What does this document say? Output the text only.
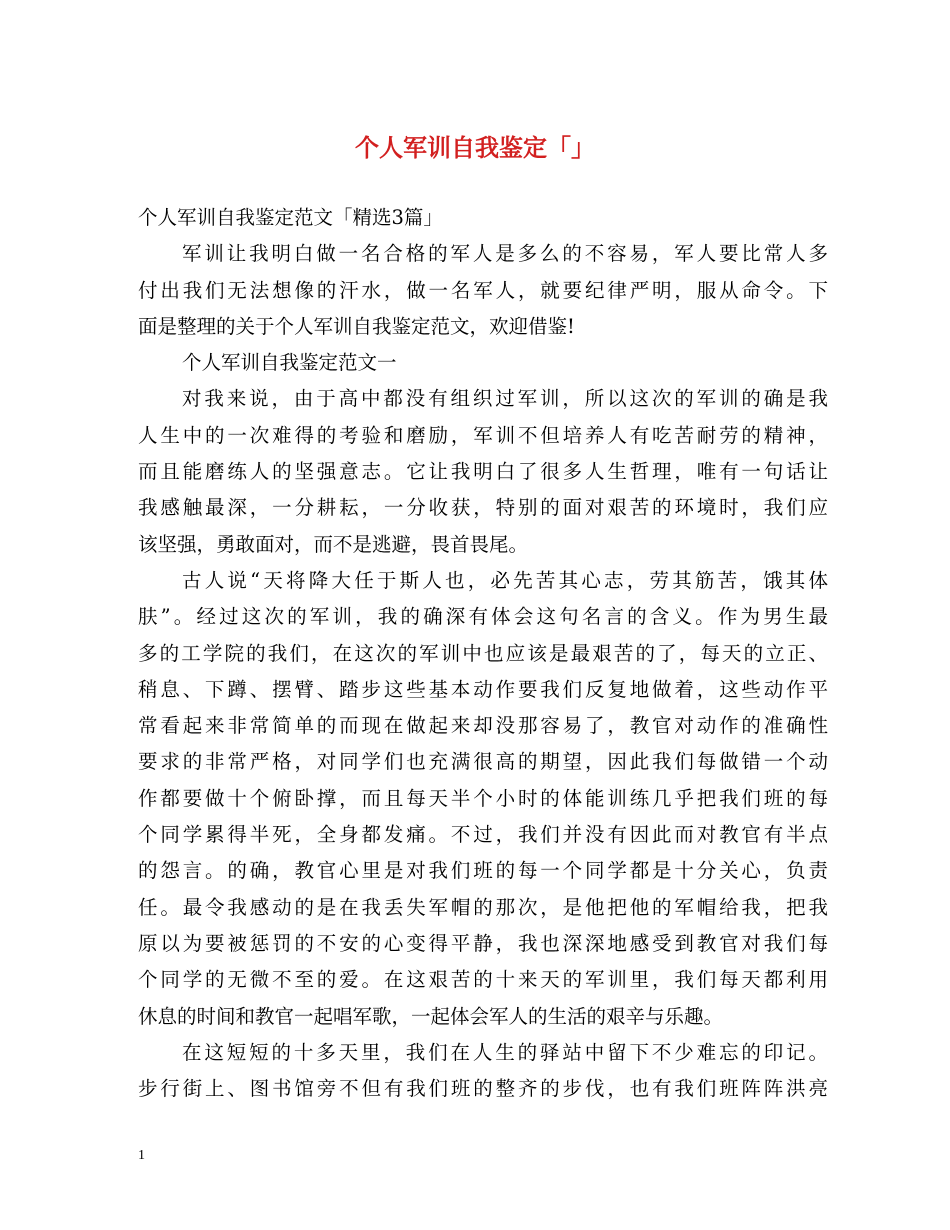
个人军训自我鉴定「」
个人军训自我鉴定范文「精选3篇」
军训让我明白做一名合格的军人是多么的不容易，军人要比常人多
付出我们无法想像的汗水，做一名军人，就要纪律严明，服从命令。下
面是整理的关于个人军训自我鉴定范文，欢迎借鉴!
个人军训自我鉴定范文一
对我来说，由于高中都没有组织过军训，所以这次的军训的确是我
人生中的一次难得的考验和磨励，军训不但培养人有吃苦耐劳的精神，
而且能磨练人的坚强意志。它让我明白了很多人生哲理，唯有一句话让
我感触最深，一分耕耘，一分收获，特别的面对艰苦的环境时，我们应
该坚强，勇敢面对，而不是逃避，畏首畏尾。
古人说“天将降大任于斯人也，必先苦其心志，劳其筋苦，饿其体
肤”。经过这次的军训，我的确深有体会这句名言的含义。作为男生最
多的工学院的我们，在这次的军训中也应该是最艰苦的了，每天的立正、
稍息、下蹲、摆臂、踏步这些基本动作要我们反复地做着，这些动作平
常看起来非常简单的而现在做起来却没那容易了，教官对动作的准确性
要求的非常严格，对同学们也充满很高的期望，因此我们每做错一个动
作都要做十个俯卧撑，而且每天半个小时的体能训练几乎把我们班的每
个同学累得半死，全身都发痛。不过，我们并没有因此而对教官有半点
的怨言。的确，教官心里是对我们班的每一个同学都是十分关心，负责
任。最令我感动的是在我丢失军帽的那次，是他把他的军帽给我，把我
原以为要被惩罚的不安的心变得平静，我也深深地感受到教官对我们每
个同学的无微不至的爱。在这艰苦的十来天的军训里，我们每天都利用
休息的时间和教官一起唱军歌，一起体会军人的生活的艰辛与乐趣。
在这短短的十多天里，我们在人生的驿站中留下不少难忘的印记。
步行街上、图书馆旁不但有我们班的整齐的步伐，也有我们班阵阵洪亮
1
